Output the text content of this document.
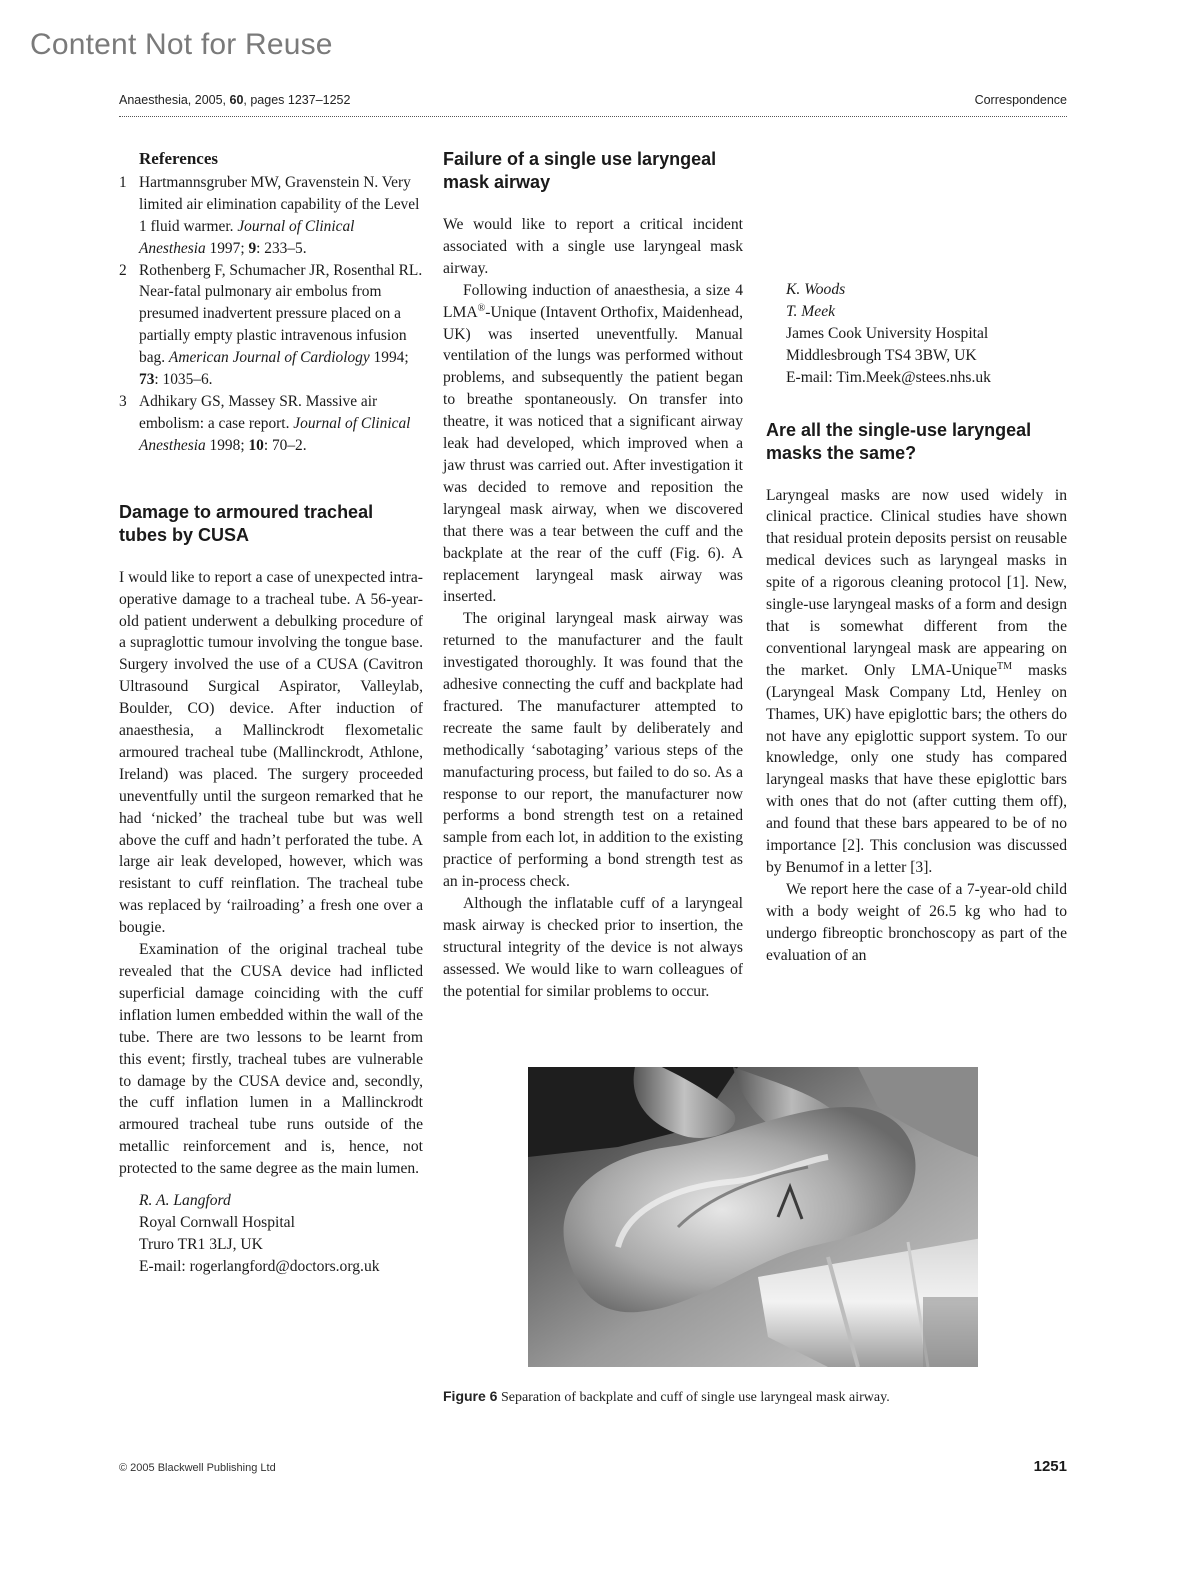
Content Not for Reuse
Anaesthesia, 2005, 60, pages 1237–1252	Correspondence
References
1 Hartmannsgruber MW, Gravenstein N. Very limited air elimination capability of the Level 1 fluid warmer. Journal of Clinical Anesthesia 1997; 9: 233–5.
2 Rothenberg F, Schumacher JR, Rosenthal RL. Near-fatal pulmonary air embolus from presumed inadvertent pressure placed on a partially empty plastic intravenous infusion bag. American Journal of Cardiology 1994; 73: 1035–6.
3 Adhikary GS, Massey SR. Massive air embolism: a case report. Journal of Clinical Anesthesia 1998; 10: 70–2.
Damage to armoured tracheal tubes by CUSA

I would like to report a case of unexpected intra-operative damage to a tracheal tube. A 56-year-old patient underwent a debulking procedure of a supraglottic tumour involving the tongue base. Surgery involved the use of a CUSA (Cavitron Ultrasound Surgical Aspirator, Valleylab, Boulder, CO) device. After induction of anaesthesia, a Mallinckrodt flexometalic armoured tracheal tube (Mallinckrodt, Athlone, Ireland) was placed. The surgery proceeded uneventfully until the surgeon remarked that he had ‘nicked’ the tracheal tube but was well above the cuff and hadn’t perforated the tube. A large air leak developed, however, which was resistant to cuff reinflation. The tracheal tube was replaced by ‘railroading’ a fresh one over a bougie.

Examination of the original tracheal tube revealed that the CUSA device had inflicted superficial damage coinciding with the cuff inflation lumen embedded within the wall of the tube. There are two lessons to be learnt from this event; firstly, tracheal tubes are vulnerable to damage by the CUSA device and, secondly, the cuff inflation lumen in a Mallinckrodt armoured tracheal tube runs outside of the metallic reinforcement and is, hence, not protected to the same degree as the main lumen.

R. A. Langford
Royal Cornwall Hospital
Truro TR1 3LJ, UK
E-mail: rogerlangford@doctors.org.uk
Failure of a single use laryngeal mask airway

We would like to report a critical incident associated with a single use laryngeal mask airway.

Following induction of anaesthesia, a size 4 LMA®-Unique (Intavent Orthofix, Maidenhead, UK) was inserted uneventfully. Manual ventilation of the lungs was performed without problems, and subsequently the patient began to breathe spontaneously. On transfer into theatre, it was noticed that a significant airway leak had developed, which improved when a jaw thrust was carried out. After investigation it was decided to remove and reposition the laryngeal mask airway, when we discovered that there was a tear between the cuff and the backplate at the rear of the cuff (Fig. 6). A replacement laryngeal mask airway was inserted.

The original laryngeal mask airway was returned to the manufacturer and the fault investigated thoroughly. It was found that the adhesive connecting the cuff and backplate had fractured. The manufacturer attempted to recreate the same fault by deliberately and methodically ‘sabotaging’ various steps of the manufacturing process, but failed to do so. As a response to our report, the manufacturer now performs a bond strength test on a retained sample from each lot, in addition to the existing practice of performing a bond strength test as an in-process check.

Although the inflatable cuff of a laryngeal mask airway is checked prior to insertion, the structural integrity of the device is not always assessed. We would like to warn colleagues of the potential for similar problems to occur.

K. Woods
T. Meek
James Cook University Hospital
Middlesbrough TS4 3BW, UK
E-mail: Tim.Meek@stees.nhs.uk
Are all the single-use laryngeal masks the same?

Laryngeal masks are now used widely in clinical practice. Clinical studies have shown that residual protein deposits persist on reusable medical devices such as laryngeal masks in spite of a rigorous cleaning protocol [1]. New, single-use laryngeal masks of a form and design that is somewhat different from the conventional laryngeal mask are appearing on the market. Only LMA-Unique™ masks (Laryngeal Mask Company Ltd, Henley on Thames, UK) have epiglottic bars; the others do not have any epiglottic support system. To our knowledge, only one study has compared laryngeal masks that have these epiglottic bars with ones that do not (after cutting them off), and found that these bars appeared to be of no importance [2]. This conclusion was discussed by Benumof in a letter [3].

We report here the case of a 7-year-old child with a body weight of 26.5 kg who had to undergo fibreoptic bronchoscopy as part of the evaluation of an

Figure 6 Separation of backplate and cuff of single use laryngeal mask airway.
© 2005 Blackwell Publishing Ltd	1251
